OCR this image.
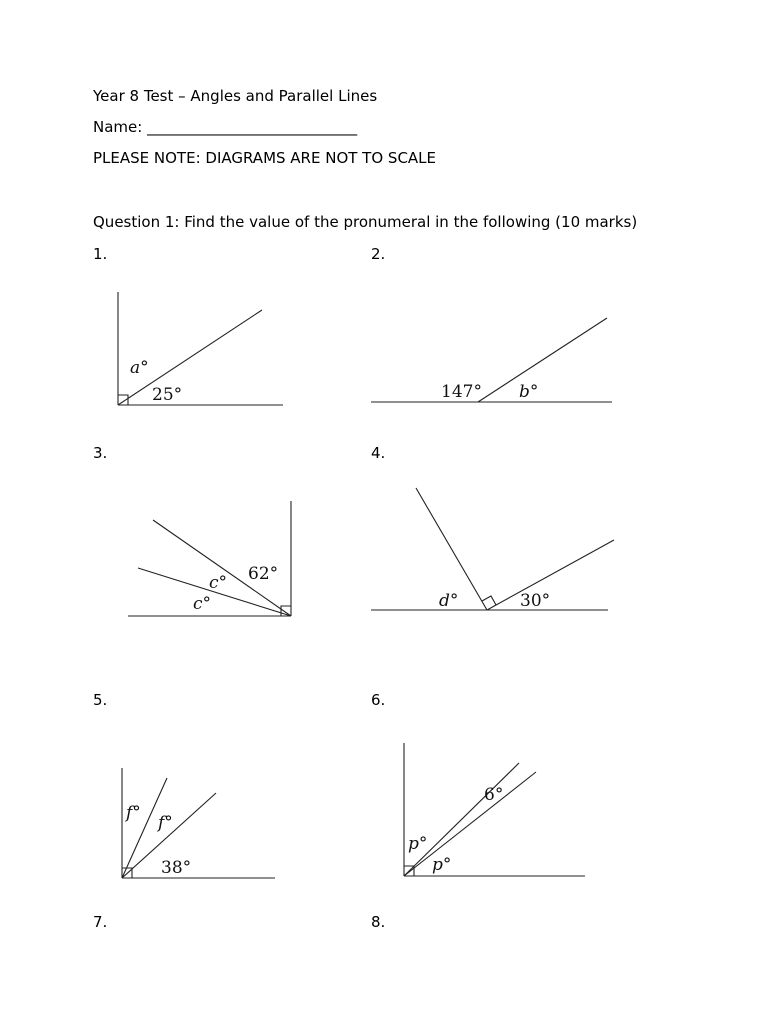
Year 8 Test – Angles and Parallel Lines
Name: ____________________________
PLEASE NOTE: DIAGRAMS ARE NOT TO SCALE
Question 1: Find the value of the pronumeral in the following (10 marks)
1.	2.
3.	4.
5.	6.
7.	8.
a°
25°	147° b°
c°
c°
62°
d°	30°
f° f°
38°
6°
p°
p°
